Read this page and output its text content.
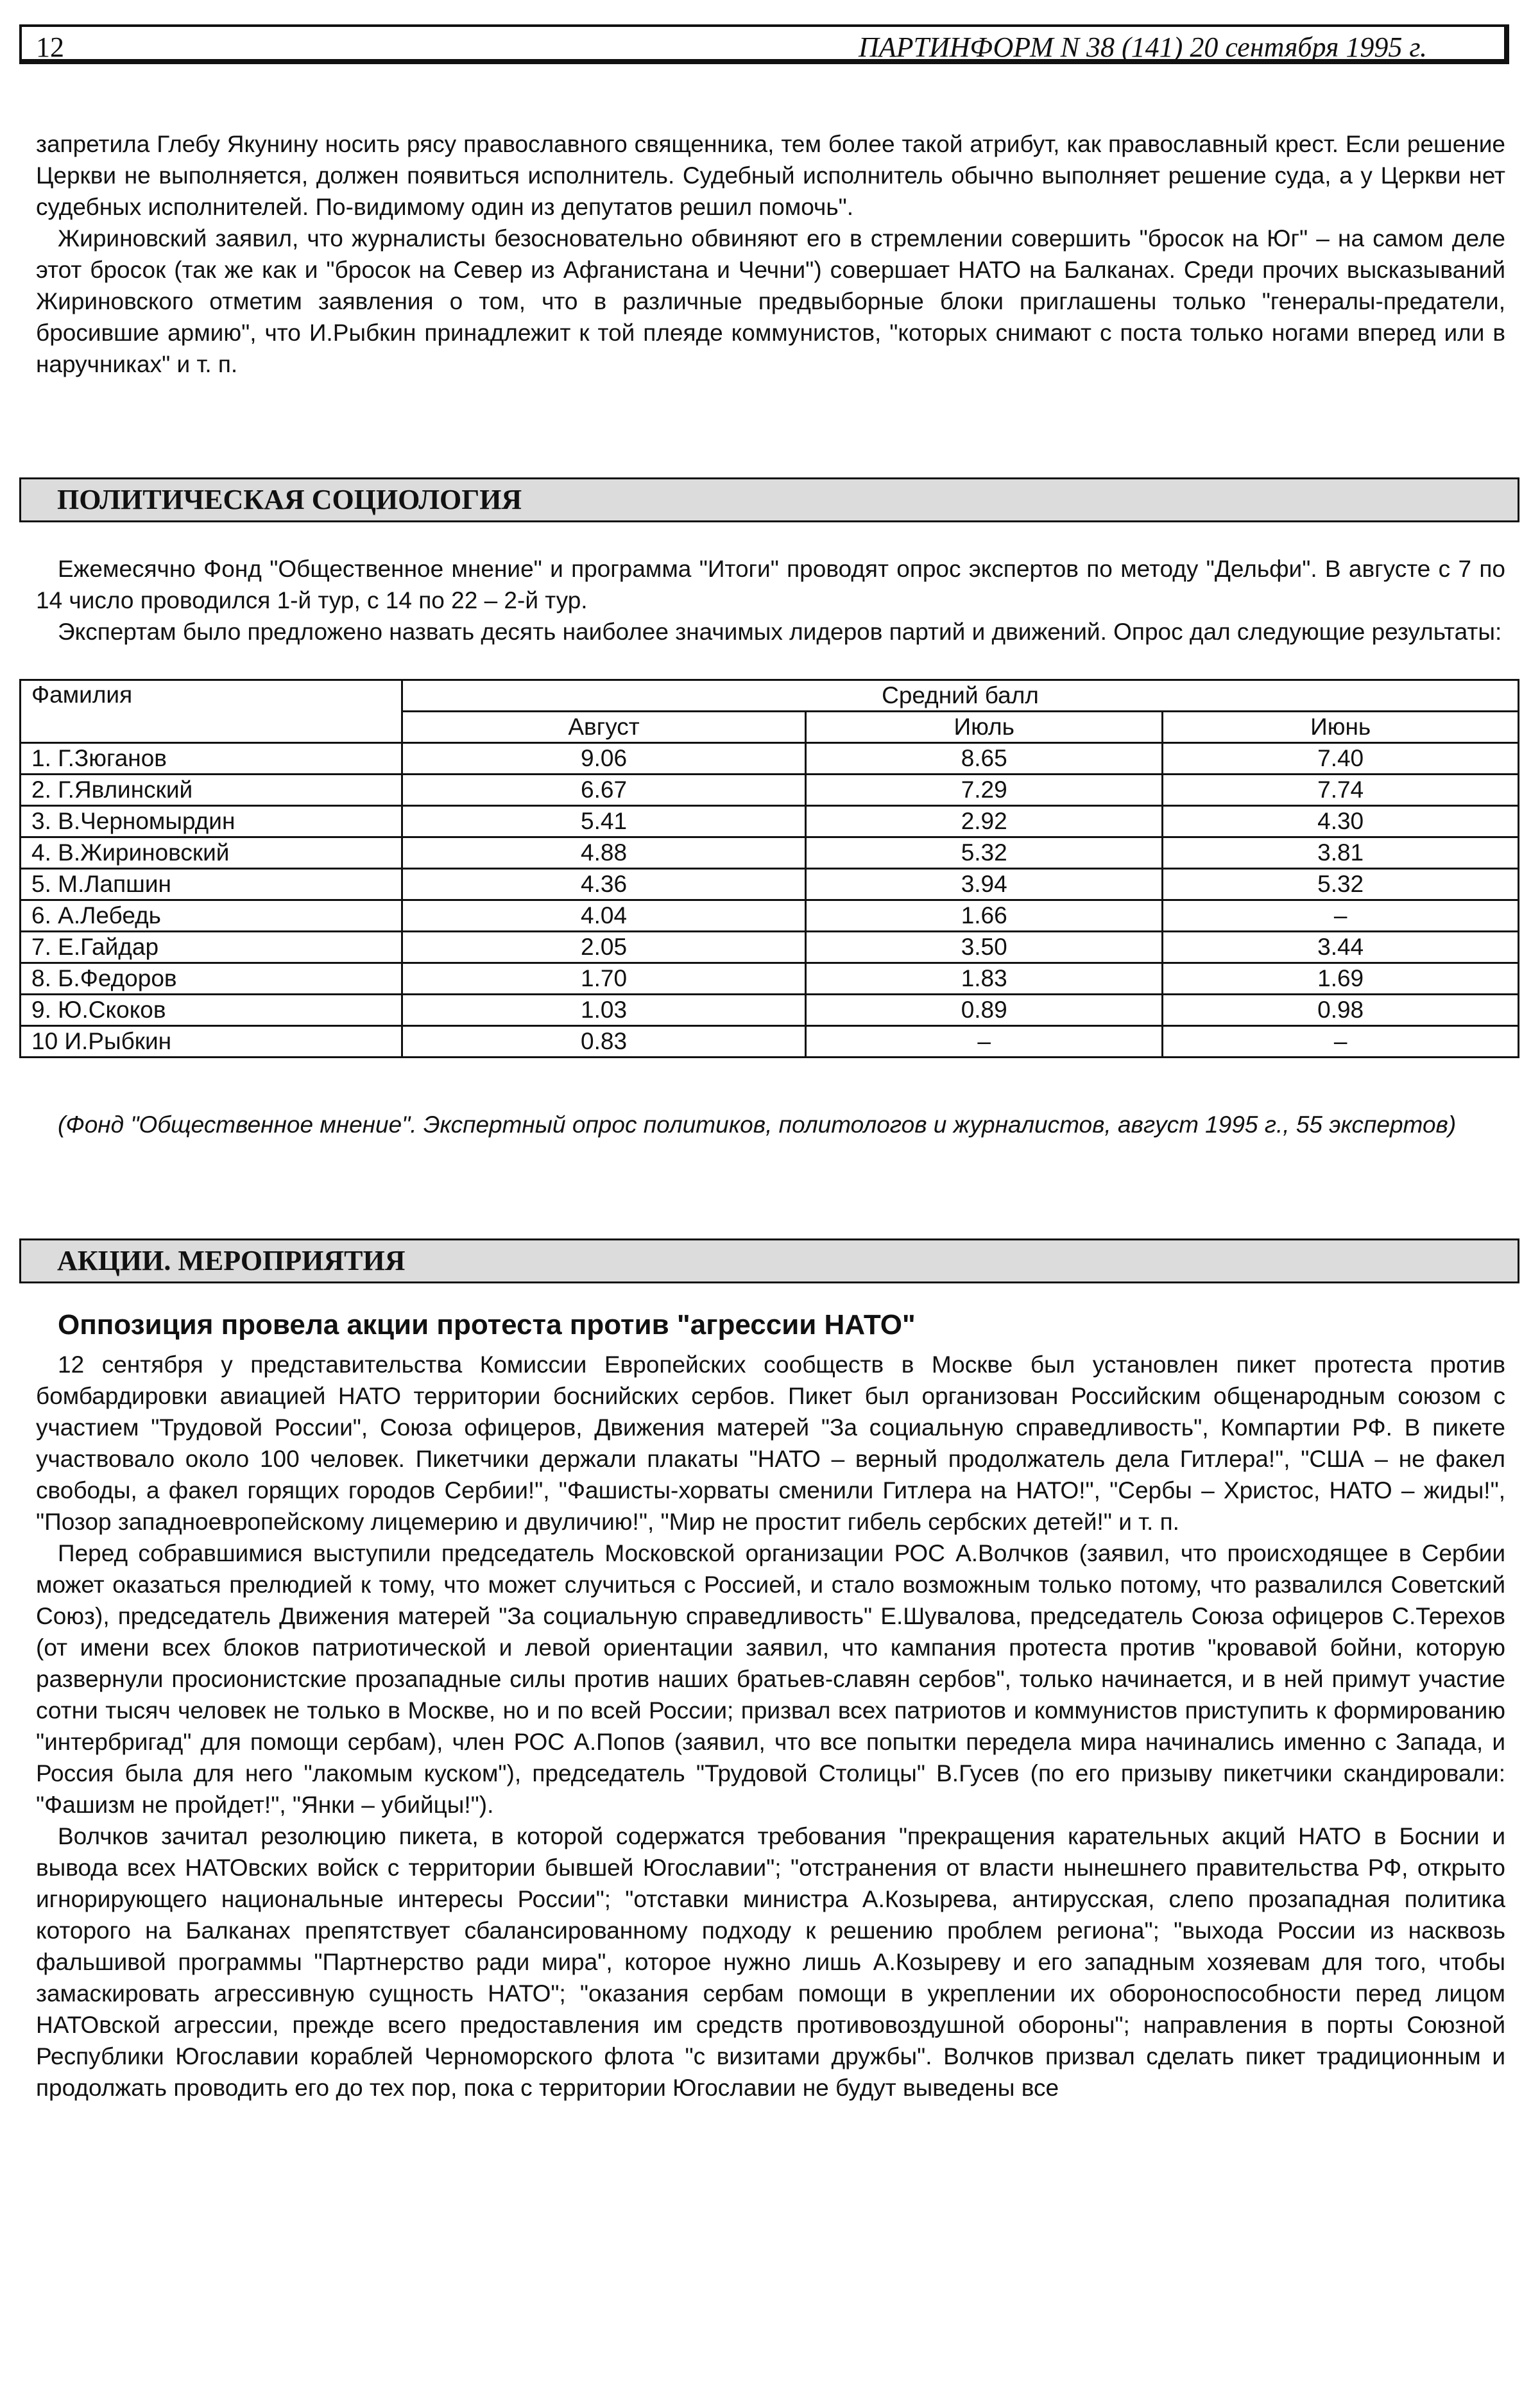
12	ПАРТИНФОРМ N 38 (141) 20 сентября 1995 г.

запретила Глебу Якунину носить рясу православного священника, тем более такой атрибут, как православный крест. Если решение Церкви не выполняется, должен появиться исполнитель. Судебный исполнитель обычно выполняет решение суда, а у Церкви нет судебных исполнителей. По-видимому один из депутатов решил помочь".

Жириновский заявил, что журналисты безосновательно обвиняют его в стремлении совершить "бросок на Юг" – на самом деле этот бросок (так же как и "бросок на Север из Афганистана и Чечни") совершает НАТО на Балканах. Среди прочих высказываний Жириновского отметим заявления о том, что в различные предвыборные блоки приглашены только "генералы-предатели, бросившие армию", что И.Рыбкин принадлежит к той плеяде коммунистов, "которых снимают с поста только ногами вперед или в наручниках" и т. п.

ПОЛИТИЧЕСКАЯ СОЦИОЛОГИЯ

Ежемесячно Фонд "Общественное мнение" и программа "Итоги" проводят опрос экспертов по методу "Дельфи". В августе с 7 по 14 число проводился 1-й тур, с 14 по 22 – 2-й тур.

Экспертам было предложено назвать десять наиболее значимых лидеров партий и движений. Опрос дал следующие результаты:

Фамилия	Средний балл		
	Август	Июль	Июнь
1. Г.Зюганов	9.06	8.65	7.40
2. Г.Явлинский	6.67	7.29	7.74
3. В.Черномырдин	5.41	2.92	4.30
4. В.Жириновский	4.88	5.32	3.81
5. М.Лапшин	4.36	3.94	5.32
6. А.Лебедь	4.04	1.66	–
7. Е.Гайдар	2.05	3.50	3.44
8. Б.Федоров	1.70	1.83	1.69
9. Ю.Скоков	1.03	0.89	0.98
10 И.Рыбкин	0.83	–	–

(Фонд "Общественное мнение". Экспертный опрос политиков, политологов и журналистов, август 1995 г., 55 экспертов)

АКЦИИ. МЕРОПРИЯТИЯ
Оппозиция провела акции протеста против "агрессии НАТО"

12 сентября у представительства Комиссии Европейских сообществ в Москве был установлен пикет протеста против бомбардировки авиацией НАТО территории боснийских сербов. Пикет был организован Российским общенародным союзом с участием "Трудовой России", Союза офицеров, Движения матерей "За социальную справедливость", Компартии РФ. В пикете участвовало около 100 человек. Пикетчики держали плакаты "НАТО – верный продолжатель дела Гитлера!", "США – не факел свободы, а факел горящих городов Сербии!", "Фашисты-хорваты сменили Гитлера на НАТО!", "Сербы – Христос, НАТО – жиды!", "Позор западноевропейскому лицемерию и двуличию!", "Мир не простит гибель сербских детей!" и т. п.

Перед собравшимися выступили председатель Московской организации РОС А.Волчков (заявил, что происходящее в Сербии может оказаться прелюдией к тому, что может случиться с Россией, и стало возможным только потому, что развалился Советский Союз), председатель Движения матерей "За социальную справедливость" Е.Шувалова, председатель Союза офицеров С.Терехов (от имени всех блоков патриотической и левой ориентации заявил, что кампания протеста против "кровавой бойни, которую развернули просионистские прозападные силы против наших братьев-славян сербов", только начинается, и в ней примут участие сотни тысяч человек не только в Москве, но и по всей России; призвал всех патриотов и коммунистов приступить к формированию "интербригад" для помощи сербам), член РОС А.Попов (заявил, что все попытки передела мира начинались именно с Запада, и Россия была для него "лакомым куском"), председатель "Трудовой Столицы" В.Гусев (по его призыву пикетчики скандировали: "Фашизм не пройдет!", "Янки – убийцы!").

Волчков зачитал резолюцию пикета, в которой содержатся требования "прекращения карательных акций НАТО в Боснии и вывода всех НАТОвских войск с территории бывшей Югославии"; "отстранения от власти нынешнего правительства РФ, открыто игнорирующего национальные интересы России"; "отставки министра А.Козырева, антирусская, слепо прозападная политика которого на Балканах препятствует сбалансированному подходу к решению проблем региона"; "выхода России из насквозь фальшивой программы "Партнерство ради мира", которое нужно лишь А.Козыреву и его западным хозяевам для того, чтобы замаскировать агрессивную сущность НАТО"; "оказания сербам помощи в укреплении их обороноспособности перед лицом НАТОвской агрессии, прежде всего предоставления им средств противовоздушной обороны"; направления в порты Союзной Республики Югославии кораблей Черноморского флота "с визитами дружбы". Волчков призвал сделать пикет традиционным и продолжать проводить его до тех пор, пока с территории Югославии не будут выведены все
